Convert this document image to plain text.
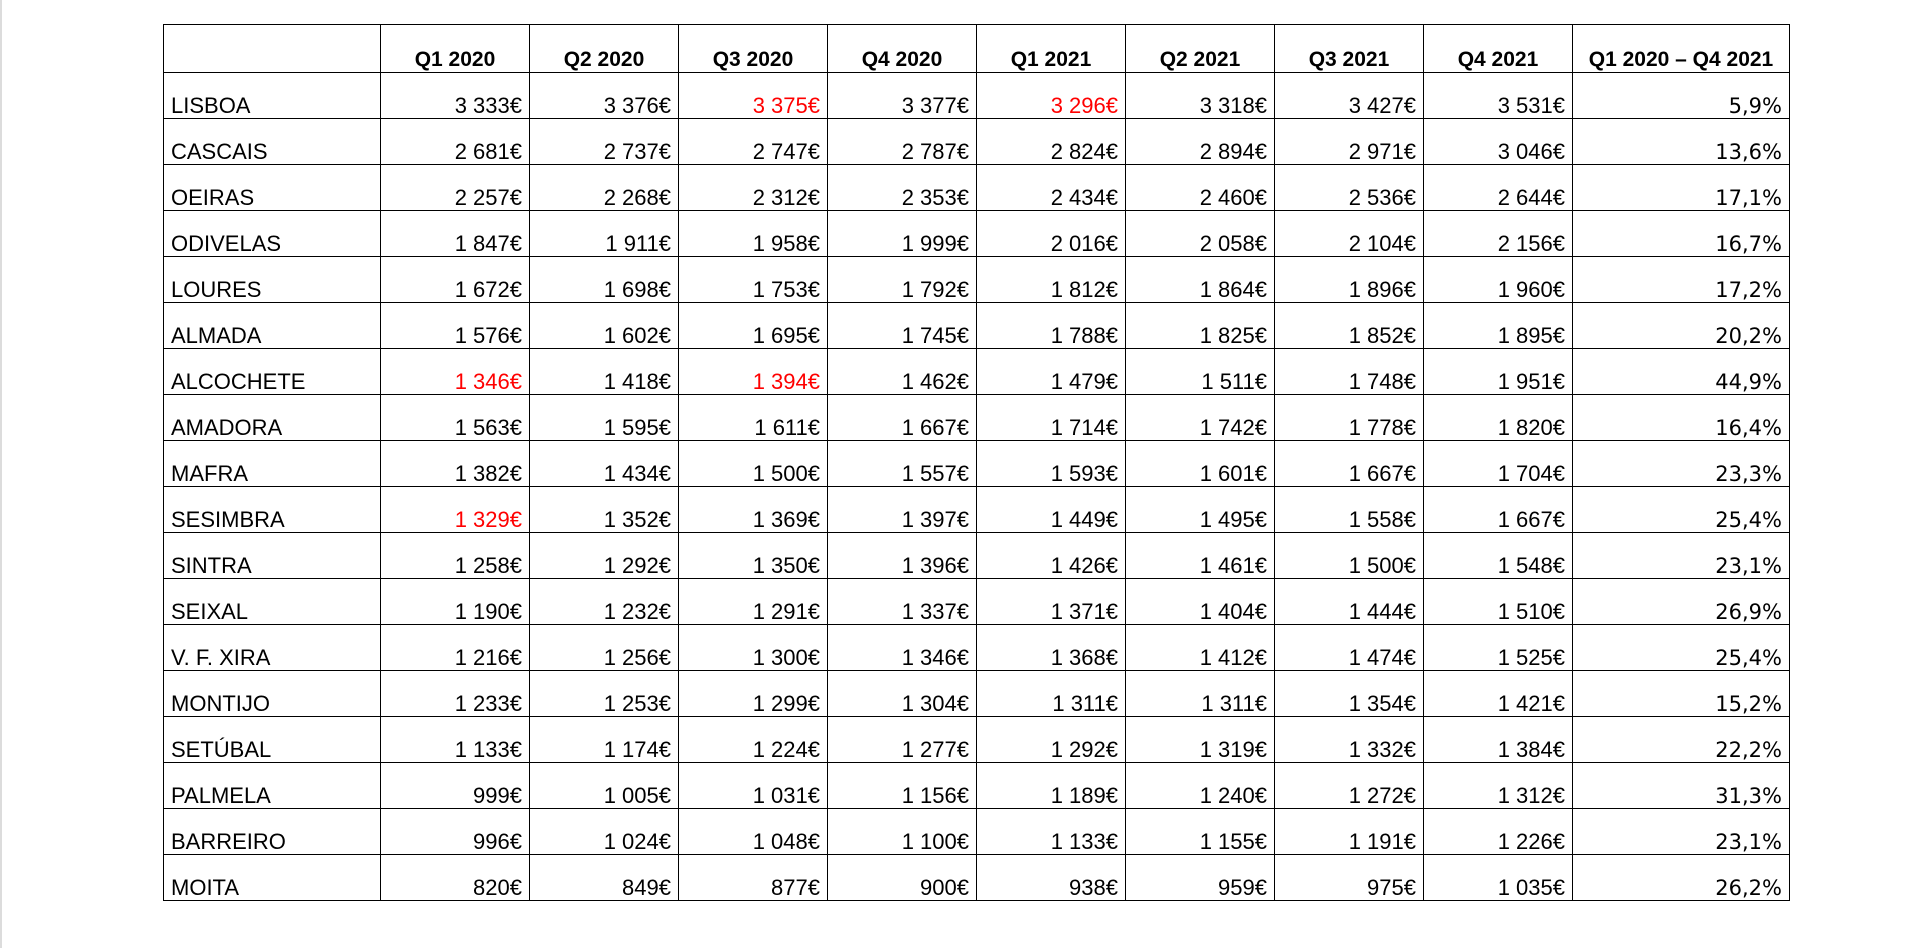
	Q1 2020	Q2 2020	Q3 2020	Q4 2020	Q1 2021	Q2 2021	Q3 2021	Q4 2021	Q1 2020 – Q4 2021
LISBOA	3 333€	3 376€	3 375€	3 377€	3 296€	3 318€	3 427€	3 531€	5,9%
CASCAIS	2 681€	2 737€	2 747€	2 787€	2 824€	2 894€	2 971€	3 046€	13,6%
OEIRAS	2 257€	2 268€	2 312€	2 353€	2 434€	2 460€	2 536€	2 644€	17,1%
ODIVELAS	1 847€	1 911€	1 958€	1 999€	2 016€	2 058€	2 104€	2 156€	16,7%
LOURES	1 672€	1 698€	1 753€	1 792€	1 812€	1 864€	1 896€	1 960€	17,2%
ALMADA	1 576€	1 602€	1 695€	1 745€	1 788€	1 825€	1 852€	1 895€	20,2%
ALCOCHETE	1 346€	1 418€	1 394€	1 462€	1 479€	1 511€	1 748€	1 951€	44,9%
AMADORA	1 563€	1 595€	1 611€	1 667€	1 714€	1 742€	1 778€	1 820€	16,4%
MAFRA	1 382€	1 434€	1 500€	1 557€	1 593€	1 601€	1 667€	1 704€	23,3%
SESIMBRA	1 329€	1 352€	1 369€	1 397€	1 449€	1 495€	1 558€	1 667€	25,4%
SINTRA	1 258€	1 292€	1 350€	1 396€	1 426€	1 461€	1 500€	1 548€	23,1%
SEIXAL	1 190€	1 232€	1 291€	1 337€	1 371€	1 404€	1 444€	1 510€	26,9%
V. F. XIRA	1 216€	1 256€	1 300€	1 346€	1 368€	1 412€	1 474€	1 525€	25,4%
MONTIJO	1 233€	1 253€	1 299€	1 304€	1 311€	1 311€	1 354€	1 421€	15,2%
SETÚBAL	1 133€	1 174€	1 224€	1 277€	1 292€	1 319€	1 332€	1 384€	22,2%
PALMELA	999€	1 005€	1 031€	1 156€	1 189€	1 240€	1 272€	1 312€	31,3%
BARREIRO	996€	1 024€	1 048€	1 100€	1 133€	1 155€	1 191€	1 226€	23,1%
MOITA	820€	849€	877€	900€	938€	959€	975€	1 035€	26,2%
